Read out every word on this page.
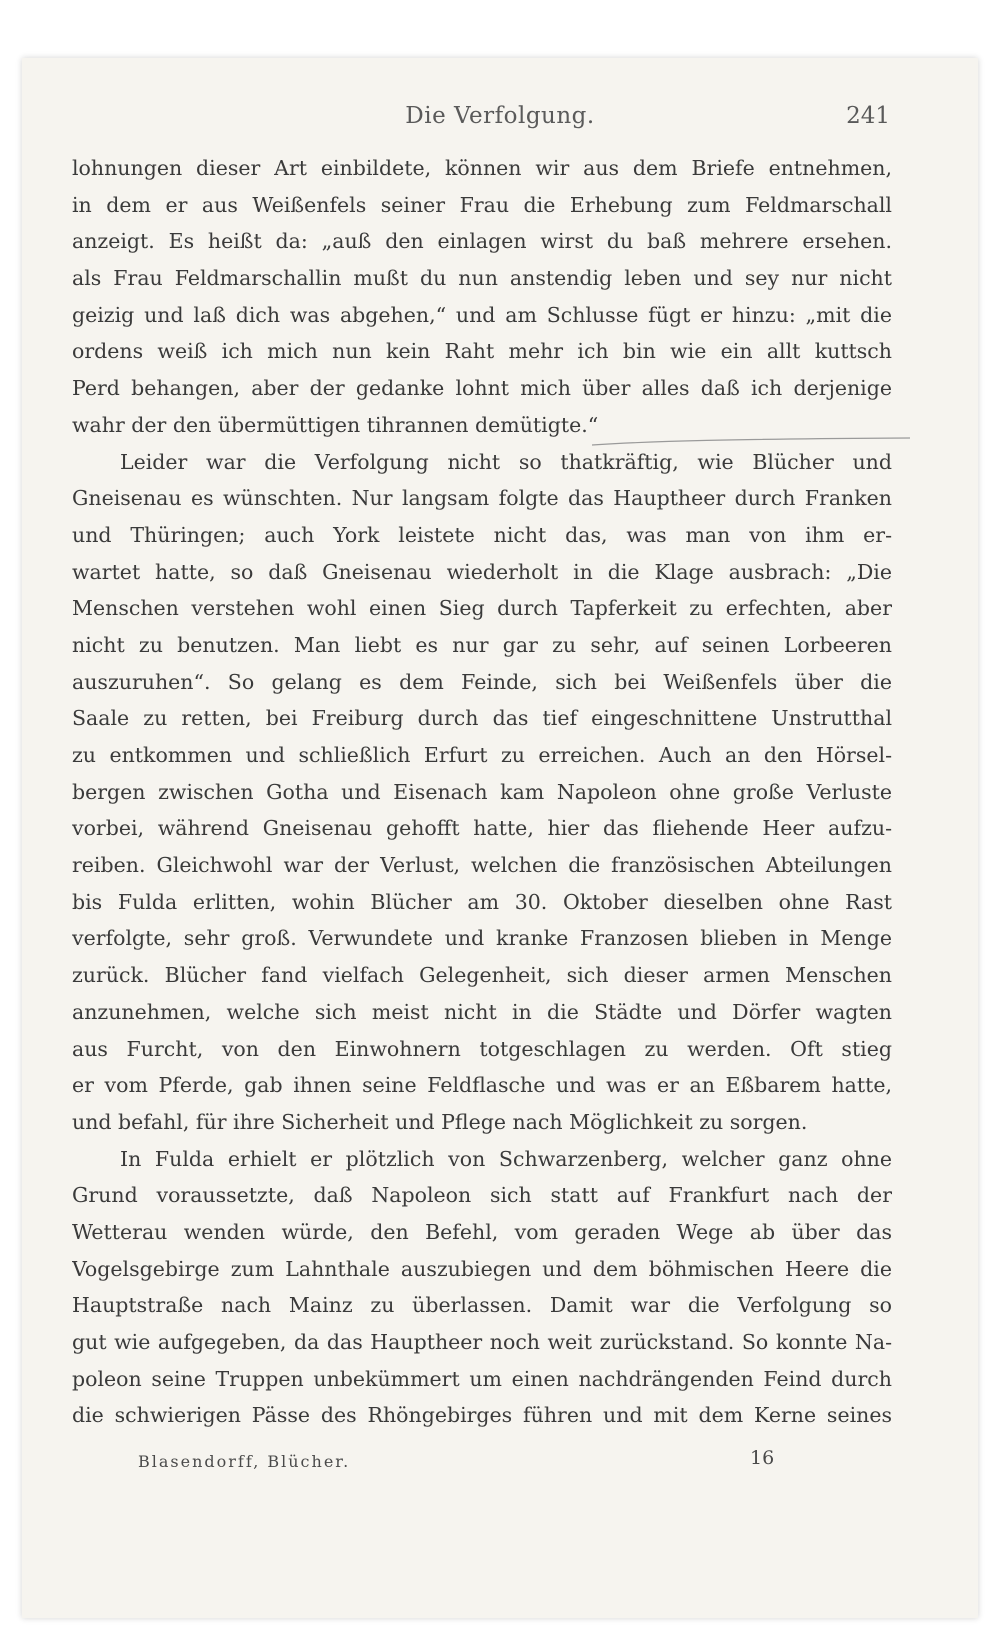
Die Verfolgung.	241
lohnungen dieser Art einbildete, können wir aus dem Briefe entnehmen,
in dem er aus Weißenfels seiner Frau die Erhebung zum Feldmarschall
anzeigt. Es heißt da: „auß den einlagen wirst du baß mehrere ersehen.
als Frau Feldmarschallin mußt du nun anstendig leben und sey nur nicht
geizig und laß dich was abgehen,“ und am Schlusse fügt er hinzu: „mit die
ordens weiß ich mich nun kein Raht mehr ich bin wie ein allt kuttsch
Perd behangen, aber der gedanke lohnt mich über alles daß ich derjenige
wahr der den übermüttigen tihrannen demütigte.“
Leider war die Verfolgung nicht so thatkräftig, wie Blücher und
Gneisenau es wünschten. Nur langsam folgte das Hauptheer durch Franken
und Thüringen; auch York leistete nicht das, was man von ihm er-
wartet hatte, so daß Gneisenau wiederholt in die Klage ausbrach: „Die
Menschen verstehen wohl einen Sieg durch Tapferkeit zu erfechten, aber
nicht zu benutzen. Man liebt es nur gar zu sehr, auf seinen Lorbeeren
auszuruhen“. So gelang es dem Feinde, sich bei Weißenfels über die
Saale zu retten, bei Freiburg durch das tief eingeschnittene Unstrutthal
zu entkommen und schließlich Erfurt zu erreichen. Auch an den Hörsel-
bergen zwischen Gotha und Eisenach kam Napoleon ohne große Verluste
vorbei, während Gneisenau gehofft hatte, hier das fliehende Heer aufzu-
reiben. Gleichwohl war der Verlust, welchen die französischen Abteilungen
bis Fulda erlitten, wohin Blücher am 30. Oktober dieselben ohne Rast
verfolgte, sehr groß. Verwundete und kranke Franzosen blieben in Menge
zurück. Blücher fand vielfach Gelegenheit, sich dieser armen Menschen
anzunehmen, welche sich meist nicht in die Städte und Dörfer wagten
aus Furcht, von den Einwohnern totgeschlagen zu werden. Oft stieg
er vom Pferde, gab ihnen seine Feldflasche und was er an Eßbarem hatte,
und befahl, für ihre Sicherheit und Pflege nach Möglichkeit zu sorgen.
In Fulda erhielt er plötzlich von Schwarzenberg, welcher ganz ohne
Grund voraussetzte, daß Napoleon sich statt auf Frankfurt nach der
Wetterau wenden würde, den Befehl, vom geraden Wege ab über das
Vogelsgebirge zum Lahnthale auszubiegen und dem böhmischen Heere die
Hauptstraße nach Mainz zu überlassen. Damit war die Verfolgung so
gut wie aufgegeben, da das Hauptheer noch weit zurückstand. So konnte Na-
poleon seine Truppen unbekümmert um einen nachdrängenden Feind durch
die schwierigen Pässe des Rhöngebirges führen und mit dem Kerne seines
Blasendorff, Blücher.	16
